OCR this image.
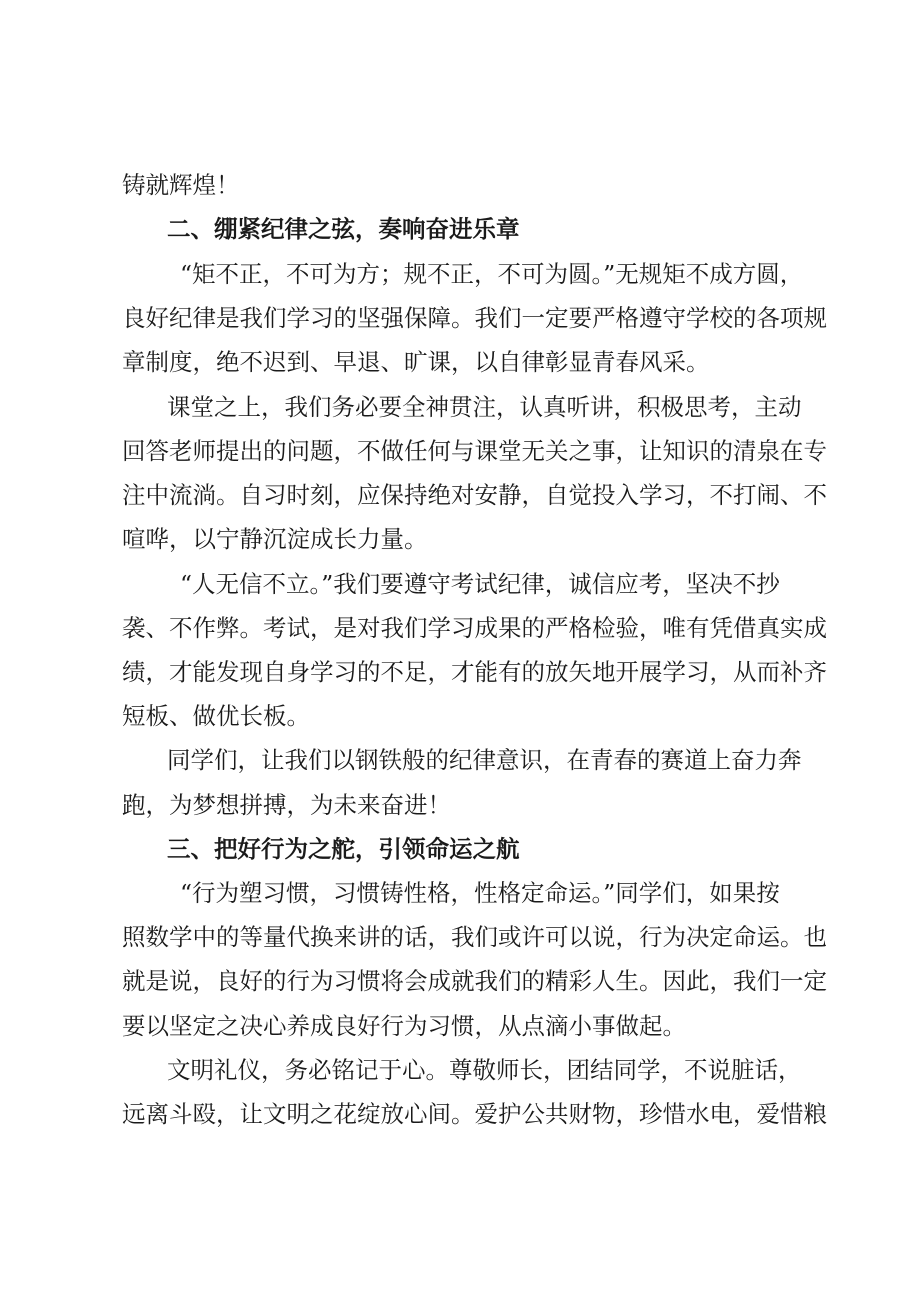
铸就辉煌！
二、绷紧纪律之弦，奏响奋进乐章
“矩不正，不可为方；规不正，不可为圆。”无规矩不成方圆，
良好纪律是我们学习的坚强保障。我们一定要严格遵守学校的各项规
章制度，绝不迟到、早退、旷课，以自律彰显青春风采。
课堂之上，我们务必要全神贯注，认真听讲，积极思考，主动
回答老师提出的问题，不做任何与课堂无关之事，让知识的清泉在专
注中流淌。自习时刻，应保持绝对安静，自觉投入学习，不打闹、不
喧哗，以宁静沉淀成长力量。
“人无信不立。”我们要遵守考试纪律，诚信应考，坚决不抄
袭、不作弊。考试，是对我们学习成果的严格检验，唯有凭借真实成
绩，才能发现自身学习的不足，才能有的放矢地开展学习，从而补齐
短板、做优长板。
同学们，让我们以钢铁般的纪律意识，在青春的赛道上奋力奔
跑，为梦想拼搏，为未来奋进！
三、把好行为之舵，引领命运之航
“行为塑习惯，习惯铸性格，性格定命运。”同学们，如果按
照数学中的等量代换来讲的话，我们或许可以说，行为决定命运。也
就是说，良好的行为习惯将会成就我们的精彩人生。因此，我们一定
要以坚定之决心养成良好行为习惯，从点滴小事做起。
文明礼仪，务必铭记于心。尊敬师长，团结同学，不说脏话，
远离斗殴，让文明之花绽放心间。爱护公共财物，珍惜水电，爱惜粮
